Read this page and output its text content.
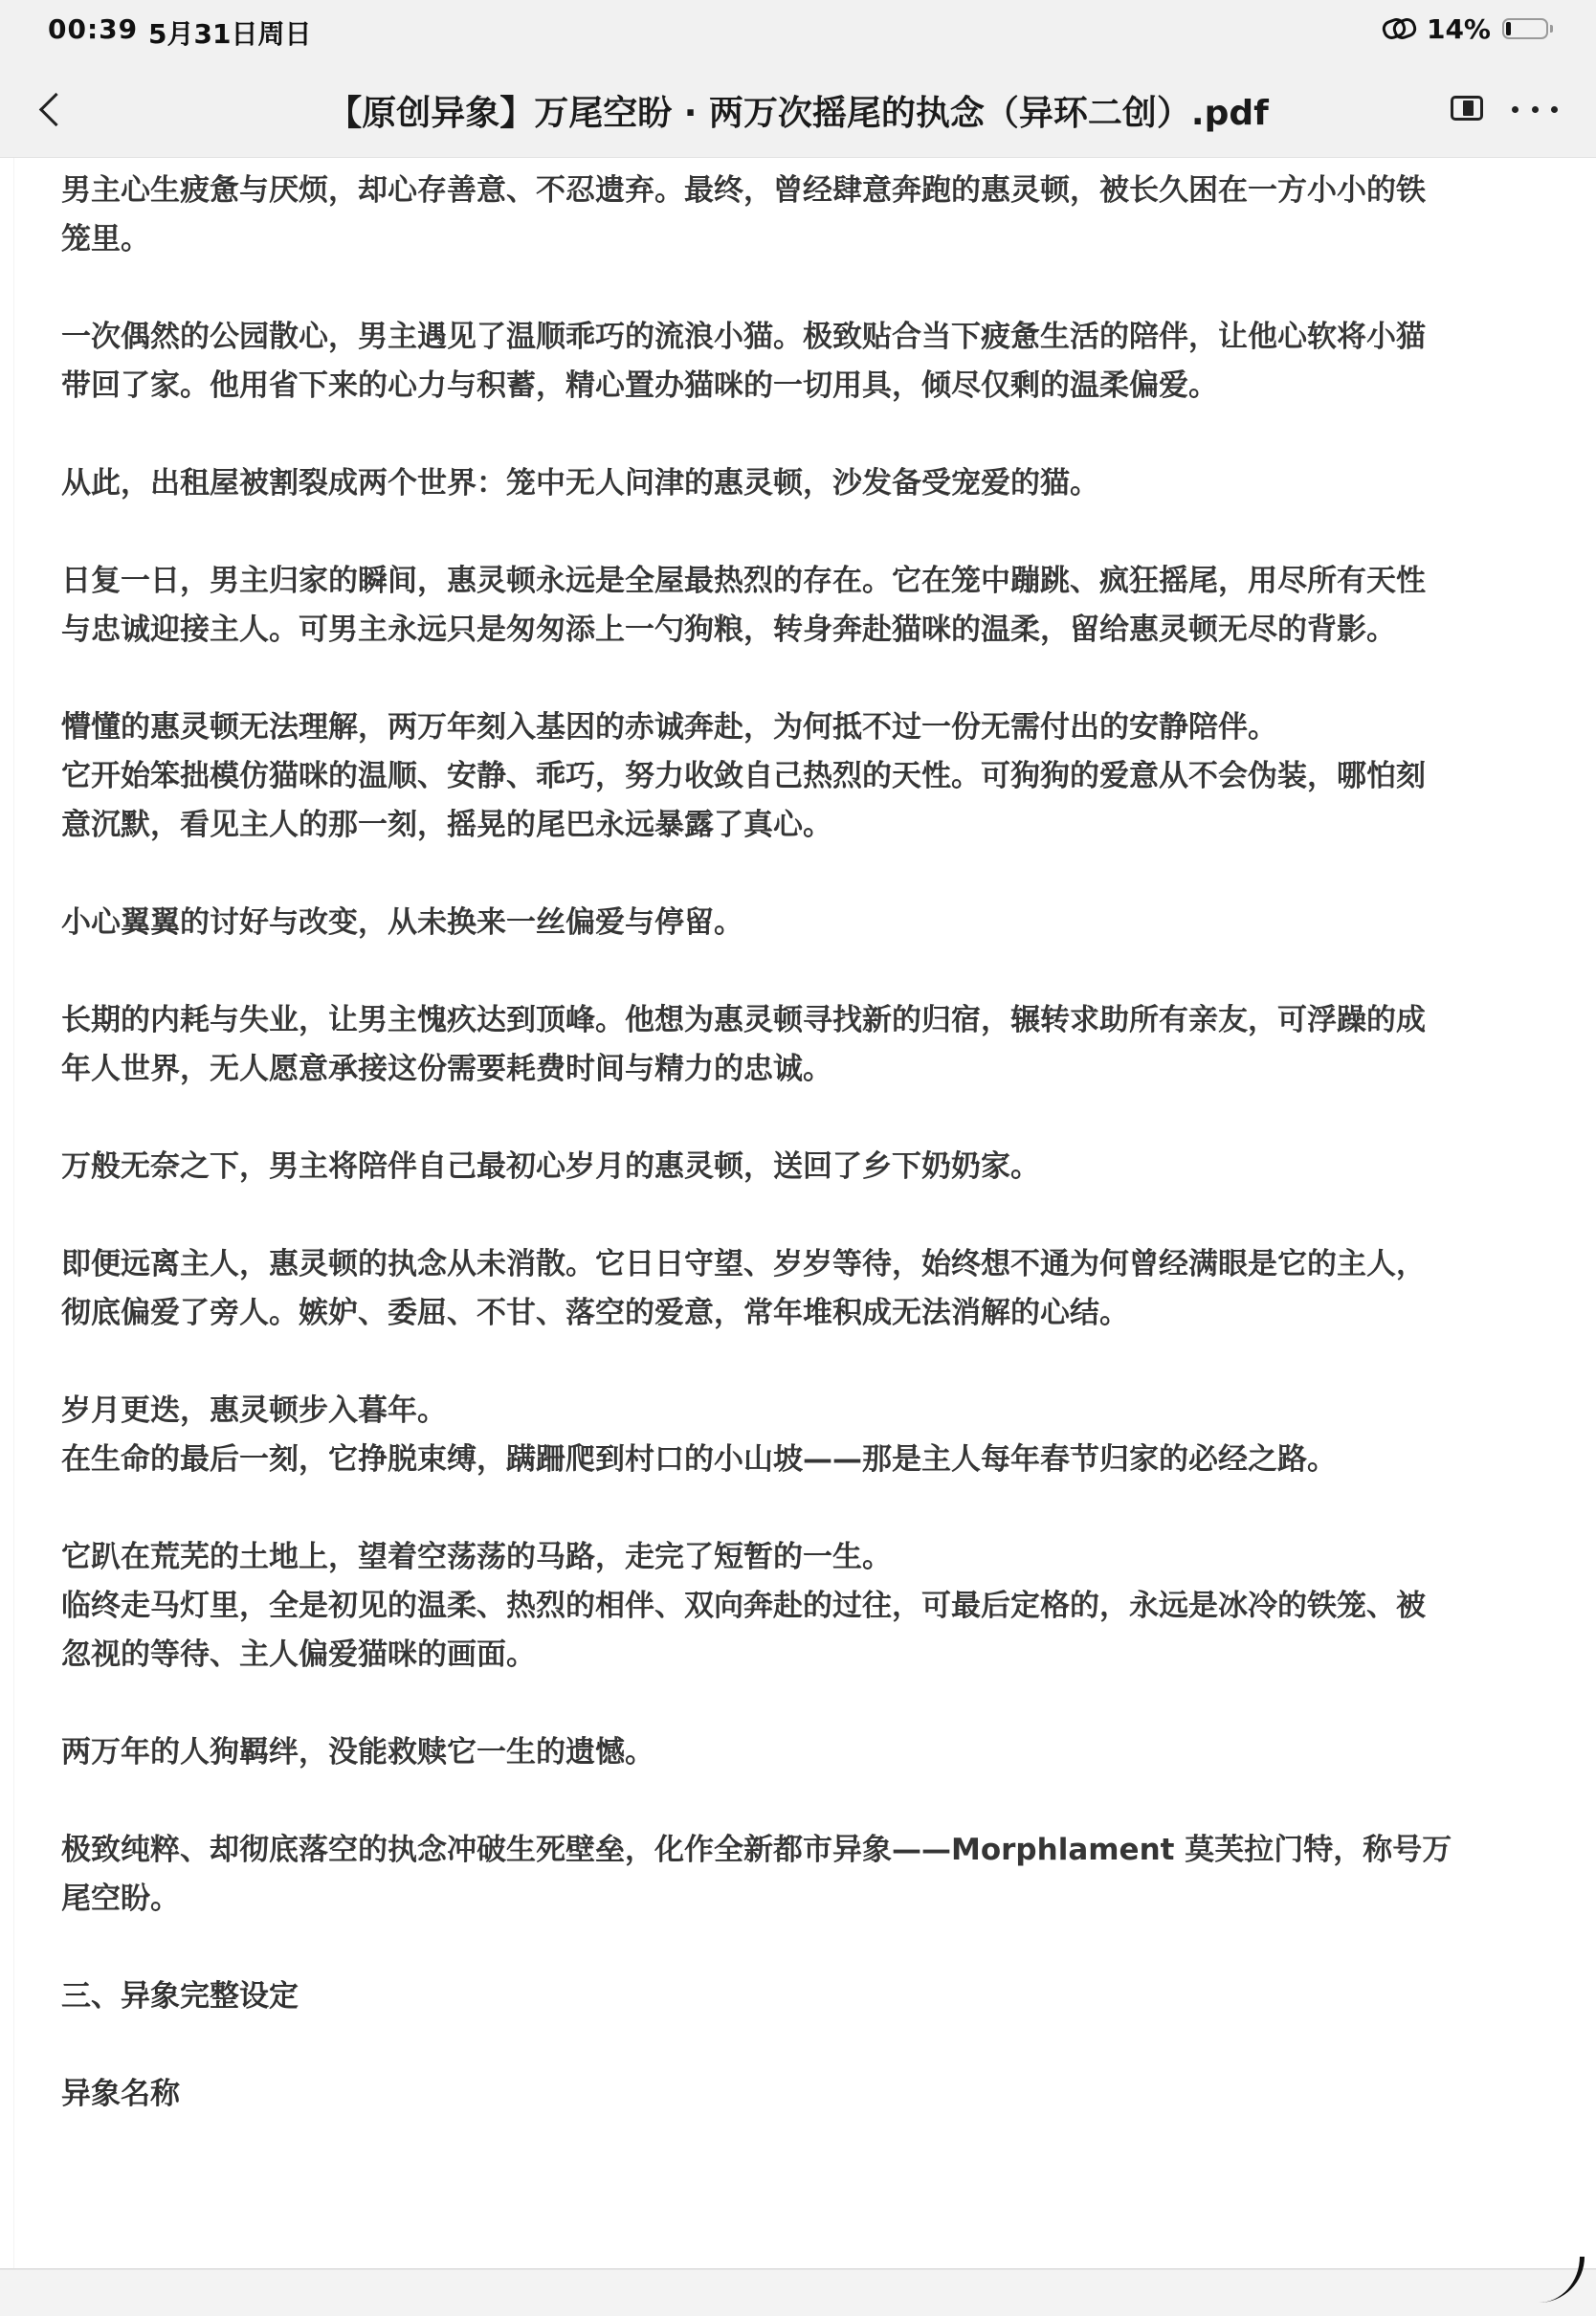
00:39 5月31日周日	14%
【原创异象】万尾空盼 · 两万次摇尾的执念（异环二创）.pdf
男主心生疲惫与厌烦，却心存善意、不忍遗弃。最终，曾经肆意奔跑的惠灵顿，被长久困在一方小小的铁
笼里。
一次偶然的公园散心，男主遇见了温顺乖巧的流浪小猫。极致贴合当下疲惫生活的陪伴，让他心软将小猫
带回了家。他用省下来的心力与积蓄，精心置办猫咪的一切用具，倾尽仅剩的温柔偏爱。
从此，出租屋被割裂成两个世界：笼中无人问津的惠灵顿，沙发备受宠爱的猫。
日复一日，男主归家的瞬间，惠灵顿永远是全屋最热烈的存在。它在笼中蹦跳、疯狂摇尾，用尽所有天性
与忠诚迎接主人。可男主永远只是匆匆添上一勺狗粮，转身奔赴猫咪的温柔，留给惠灵顿无尽的背影。
懵懂的惠灵顿无法理解，两万年刻入基因的赤诚奔赴，为何抵不过一份无需付出的安静陪伴。
它开始笨拙模仿猫咪的温顺、安静、乖巧，努力收敛自己热烈的天性。可狗狗的爱意从不会伪装，哪怕刻
意沉默，看见主人的那一刻，摇晃的尾巴永远暴露了真心。
小心翼翼的讨好与改变，从未换来一丝偏爱与停留。
长期的内耗与失业，让男主愧疚达到顶峰。他想为惠灵顿寻找新的归宿，辗转求助所有亲友，可浮躁的成
年人世界，无人愿意承接这份需要耗费时间与精力的忠诚。
万般无奈之下，男主将陪伴自己最初心岁月的惠灵顿，送回了乡下奶奶家。
即便远离主人，惠灵顿的执念从未消散。它日日守望、岁岁等待，始终想不通为何曾经满眼是它的主人，
彻底偏爱了旁人。嫉妒、委屈、不甘、落空的爱意，常年堆积成无法消解的心结。
岁月更迭，惠灵顿步入暮年。
在生命的最后一刻，它挣脱束缚，蹒跚爬到村口的小山坡——那是主人每年春节归家的必经之路。
它趴在荒芜的土地上，望着空荡荡的马路，走完了短暂的一生。
临终走马灯里，全是初见的温柔、热烈的相伴、双向奔赴的过往，可最后定格的，永远是冰冷的铁笼、被
忽视的等待、主人偏爱猫咪的画面。
两万年的人狗羁绊，没能救赎它一生的遗憾。
极致纯粹、却彻底落空的执念冲破生死壁垒，化作全新都市异象——Morphlament 莫芙拉门特，称号万
尾空盼。
三、异象完整设定
异象名称
